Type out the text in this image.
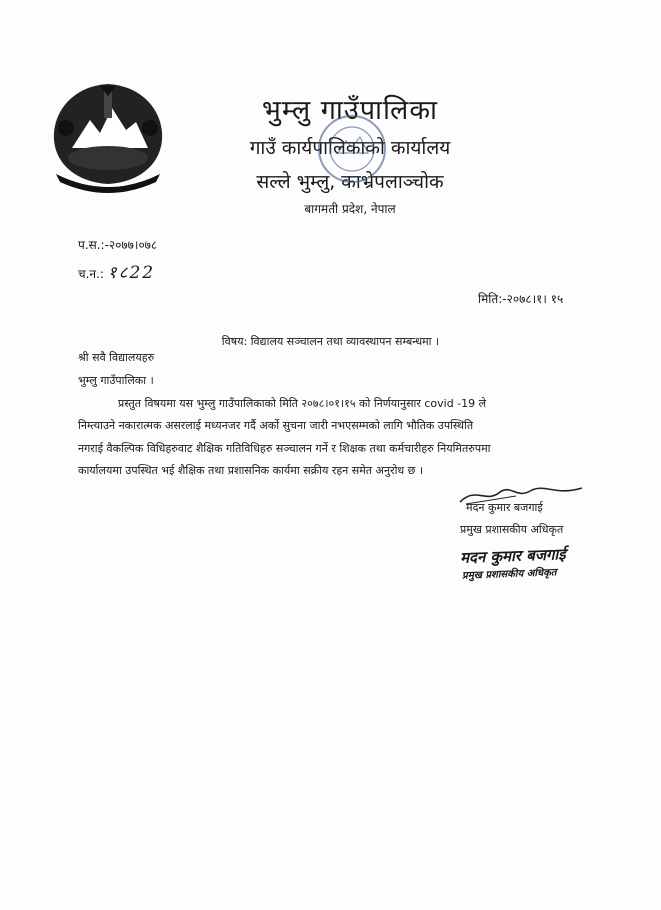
भुम्लु गाउँपालिका
गाउँ कार्यपालिकाको कार्यालय
सल्ले भुम्लु, काभ्रेपलाञ्चोक
बागमती प्रदेश, नेपाल
प.स.:-२०७७।०७८
च.न.: १८22
मिति:-२०७८।१। १५
विषय: विद्यालय सञ्चालन तथा व्यावस्थापन सम्बन्धमा ।
श्री सवै विद्यालयहरु
भुम्लु गाउँपालिका ।
प्रस्तुत विषयमा यस भुम्लु गाउँपालिकाको मिति २०७८।०१।१५ को निर्णयानुसार covid -19 ले
निम्त्याउने नकारात्मक असरलाई मध्यनजर गर्दै अर्को सुचना जारी नभएसम्मको लागि भौतिक उपस्थिति
नगराई वैकल्पिक विधिहरुवाट शैक्षिक गतिविधिहरु सञ्चालन गर्ने र शिक्षक तथा कर्मचारीहरु नियमितरुपमा
कार्यालयमा उपस्थित भई शैक्षिक तथा प्रशासनिक कार्यमा सक्रीय रहन समेत अनुरोध छ ।
मदन कुमार बजगाई
प्रमुख प्रशासकीय अधिकृत
मदन कुमार बजगाई
प्रमुख प्रशासकीय अधिकृत
